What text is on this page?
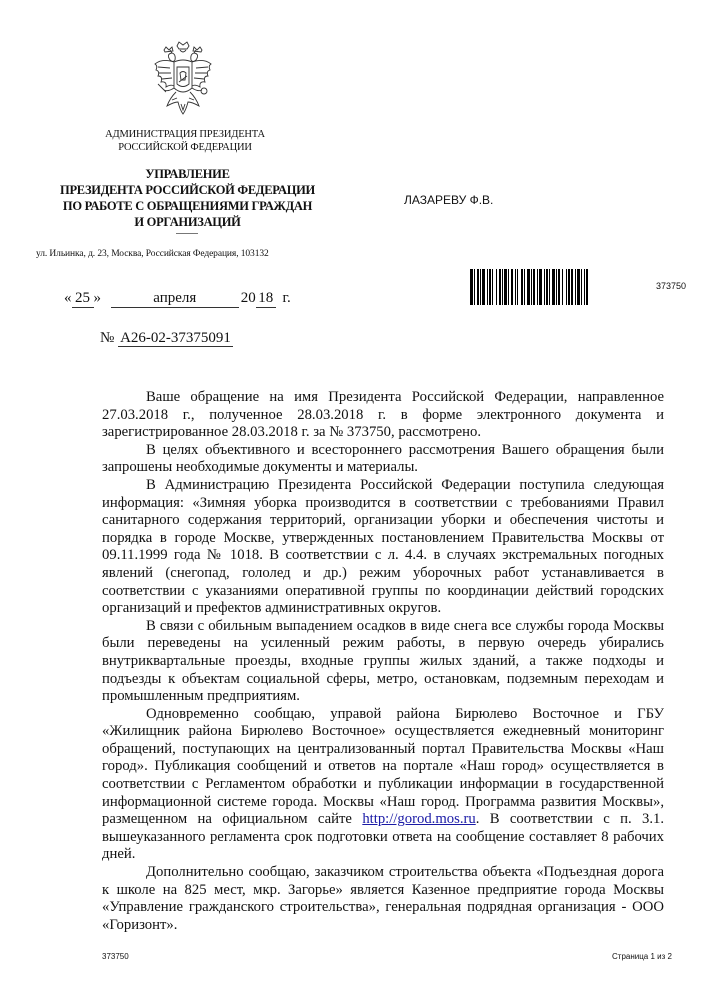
АДМИНИСТРАЦИЯ ПРЕЗИДЕНТА
РОССИЙСКОЙ ФЕДЕРАЦИИ
УПРАВЛЕНИЕ
ПРЕЗИДЕНТА РОССИЙСКОЙ ФЕДЕРАЦИИ
ПО РАБОТЕ С ОБРАЩЕНИЯМИ ГРАЖДАН
И ОРГАНИЗАЦИЙ
ул. Ильинка, д. 23, Москва, Российская Федерация, 103132
ЛАЗАРЕВУ Ф.В.
373750
« 25 »	апреля	20 18 г.
№ А26-02-37375091

Ваше обращение на имя Президента Российской Федерации, направленное 27.03.2018 г., полученное 28.03.2018 г. в форме электронного документа и зарегистрированное 28.03.2018 г. за № 373750, рассмотрено.

В целях объективного и всестороннего рассмотрения Вашего обращения были запрошены необходимые документы и материалы.

В Администрацию Президента Российской Федерации поступила следующая информация: «Зимняя уборка производится в соответствии с требованиями Правил санитарного содержания территорий, организации уборки и обеспечения чистоты и порядка в городе Москве, утвержденных постановлением Правительства Москвы от 09.11.1999 года № 1018. В соответствии с л. 4.4. в случаях экстремальных погодных явлений (снегопад, гололед и др.) режим уборочных работ устанавливается в соответствии с указаниями оперативной группы по координации действий городских организаций и префектов административных округов.

В связи с обильным выпадением осадков в виде снега все службы города Москвы были переведены на усиленный режим работы, в первую очередь убирались внутриквартальные проезды, входные группы жилых зданий, а также подходы и подъезды к объектам социальной сферы, метро, остановкам, подземным переходам и промышленным предприятиям.

Одновременно сообщаю, управой района Бирюлево Восточное и ГБУ «Жилищник района Бирюлево Восточное» осуществляется ежедневный мониторинг обращений, поступающих на централизованный портал Правительства Москвы «Наш город». Публикация сообщений и ответов на портале «Наш город» осуществляется в соответствии с Регламентом обработки и публикации информации в государственной информационной системе города. Москвы «Наш город. Программа развития Москвы», размещенном на официальном сайте http://gorod.mos.ru. В соответствии с п. 3.1. вышеуказанного регламента срок подготовки ответа на сообщение составляет 8 рабочих дней.

Дополнительно сообщаю, заказчиком строительства объекта «Подъездная дорога к школе на 825 мест, мкр. Загорье» является Казенное предприятие города Москвы «Управление гражданского строительства», генеральная подрядная организация - ООО «Горизонт».

373750	Страница 1 из 2
